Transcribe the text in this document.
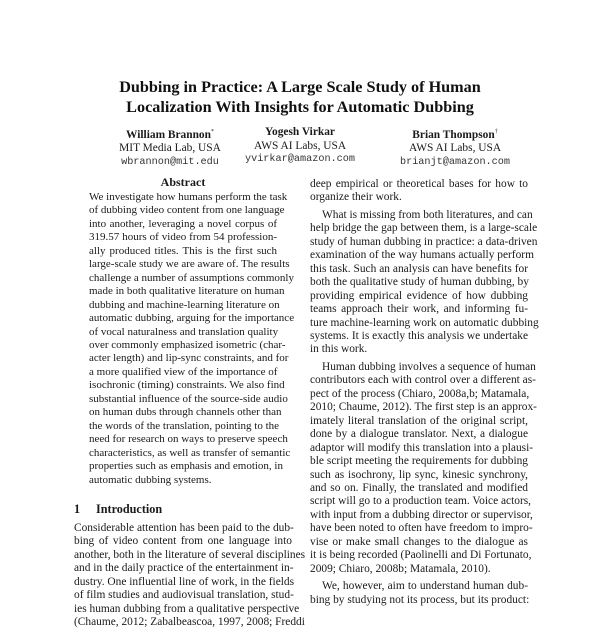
Dubbing in Practice: A Large Scale Study of Human
Localization With Insights for Automatic Dubbing
William Brannon*
MIT Media Lab, USA
wbrannon@mit.edu
Yogesh Virkar
AWS AI Labs, USA
yvirkar@amazon.com
Brian Thompson†
AWS AI Labs, USA
brianjt@amazon.com
Abstract
We investigate how humans perform the task
of dubbing video content from one language
into another, leveraging a novel corpus of
319.57 hours of video from 54 profession-
ally produced titles. This is the first such
large-scale study we are aware of. The results
challenge a number of assumptions commonly
made in both qualitative literature on human
dubbing and machine-learning literature on
automatic dubbing, arguing for the importance
of vocal naturalness and translation quality
over commonly emphasized isometric (char-
acter length) and lip-sync constraints, and for
a more qualified view of the importance of
isochronic (timing) constraints. We also find
substantial influence of the source-side audio
on human dubs through channels other than
the words of the translation, pointing to the
need for research on ways to preserve speech
characteristics, as well as transfer of semantic
properties such as emphasis and emotion, in
automatic dubbing systems.
1 Introduction
Considerable attention has been paid to the dub-
bing of video content from one language into
another, both in the literature of several disciplines
and in the daily practice of the entertainment in-
dustry. One influential line of work, in the fields
of film studies and audiovisual translation, stud-
ies human dubbing from a qualitative perspective
(Chaume, 2012; Zabalbeascoa, 1997, 2008; Freddi

deep empirical or theoretical bases for how to
organize their work.

What is missing from both literatures, and can
help bridge the gap between them, is a large-scale
study of human dubbing in practice: a data-driven
examination of the way humans actually perform
this task. Such an analysis can have benefits for
both the qualitative study of human dubbing, by
providing empirical evidence of how dubbing
teams approach their work, and informing fu-
ture machine-learning work on automatic dubbing
systems. It is exactly this analysis we undertake
in this work.

Human dubbing involves a sequence of human
contributors each with control over a different as-
pect of the process (Chiaro, 2008a,b; Matamala,
2010; Chaume, 2012). The first step is an approx-
imately literal translation of the original script,
done by a dialogue translator. Next, a dialogue
adaptor will modify this translation into a plausi-
ble script meeting the requirements for dubbing
such as isochrony, lip sync, kinesic synchrony,
and so on. Finally, the translated and modified
script will go to a production team. Voice actors,
with input from a dubbing director or supervisor,
have been noted to often have freedom to impro-
vise or make small changes to the dialogue as
it is being recorded (Paolinelli and Di Fortunato,
2009; Chiaro, 2008b; Matamala, 2010).

We, however, aim to understand human dub-
bing by studying not its process, but its product:
